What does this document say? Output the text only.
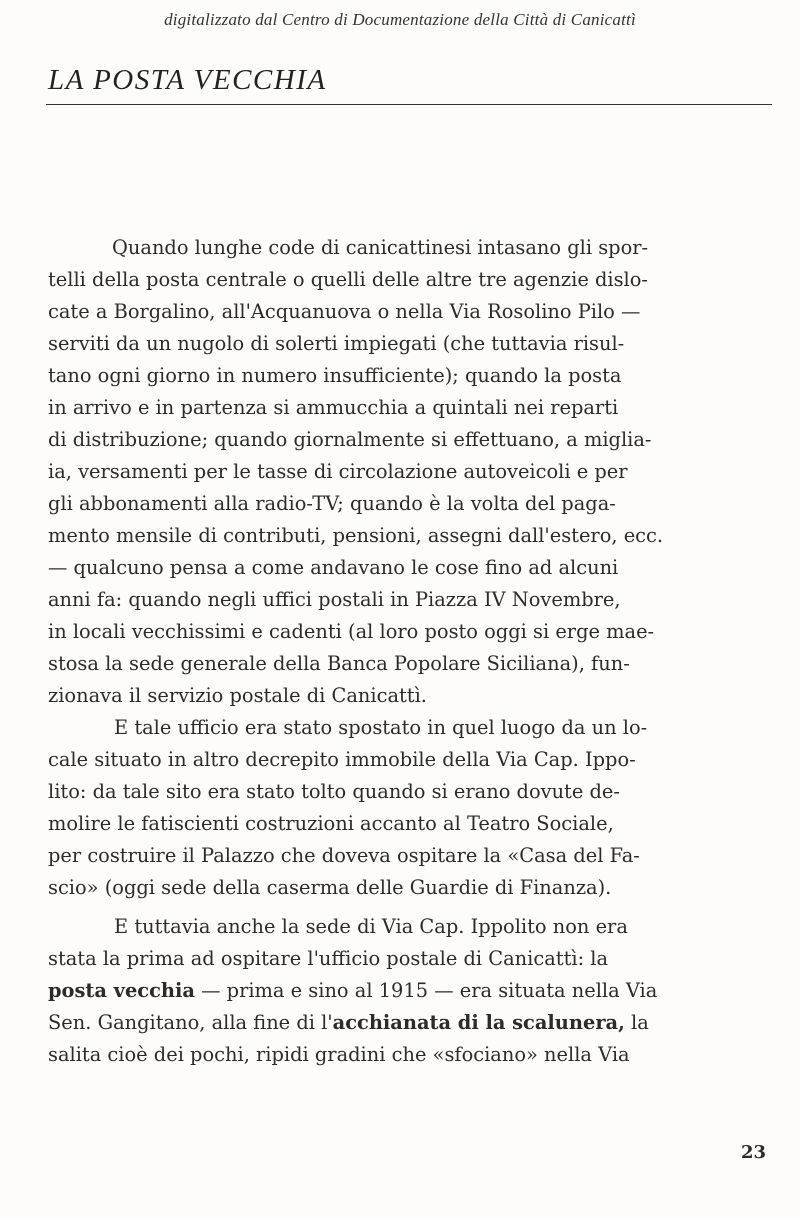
digitalizzato dal Centro di Documentazione della Città di Canicattì
LA POSTA VECCHIA
Quando lunghe code di canicattinesi intasano gli spor-
telli della posta centrale o quelli delle altre tre agenzie dislo-
cate a Borgalino, all'Acquanuova o nella Via Rosolino Pilo —
serviti da un nugolo di solerti impiegati (che tuttavia risul-
tano ogni giorno in numero insufficiente); quando la posta
in arrivo e in partenza si ammucchia a quintali nei reparti
di distribuzione; quando giornalmente si effettuano, a miglia-
ia, versamenti per le tasse di circolazione autoveicoli e per
gli abbonamenti alla radio-TV; quando è la volta del paga-
mento mensile di contributi, pensioni, assegni dall'estero, ecc.
— qualcuno pensa a come andavano le cose fino ad alcuni
anni fa: quando negli uffici postali in Piazza IV Novembre,
in locali vecchissimi e cadenti (al loro posto oggi si erge mae-
stosa la sede generale della Banca Popolare Siciliana), fun-
zionava il servizio postale di Canicattì.
E tale ufficio era stato spostato in quel luogo da un lo-
cale situato in altro decrepito immobile della Via Cap. Ippo-
lito: da tale sito era stato tolto quando si erano dovute de-
molire le fatiscienti costruzioni accanto al Teatro Sociale,
per costruire il Palazzo che doveva ospitare la «Casa del Fa-
scio» (oggi sede della caserma delle Guardie di Finanza).
E tuttavia anche la sede di Via Cap. Ippolito non era
stata la prima ad ospitare l'ufficio postale di Canicattì: la
posta vecchia — prima e sino al 1915 — era situata nella Via
Sen. Gangitano, alla fine di l'acchianata di la scalunera, la
salita cioè dei pochi, ripidi gradini che «sfociano» nella Via
23
